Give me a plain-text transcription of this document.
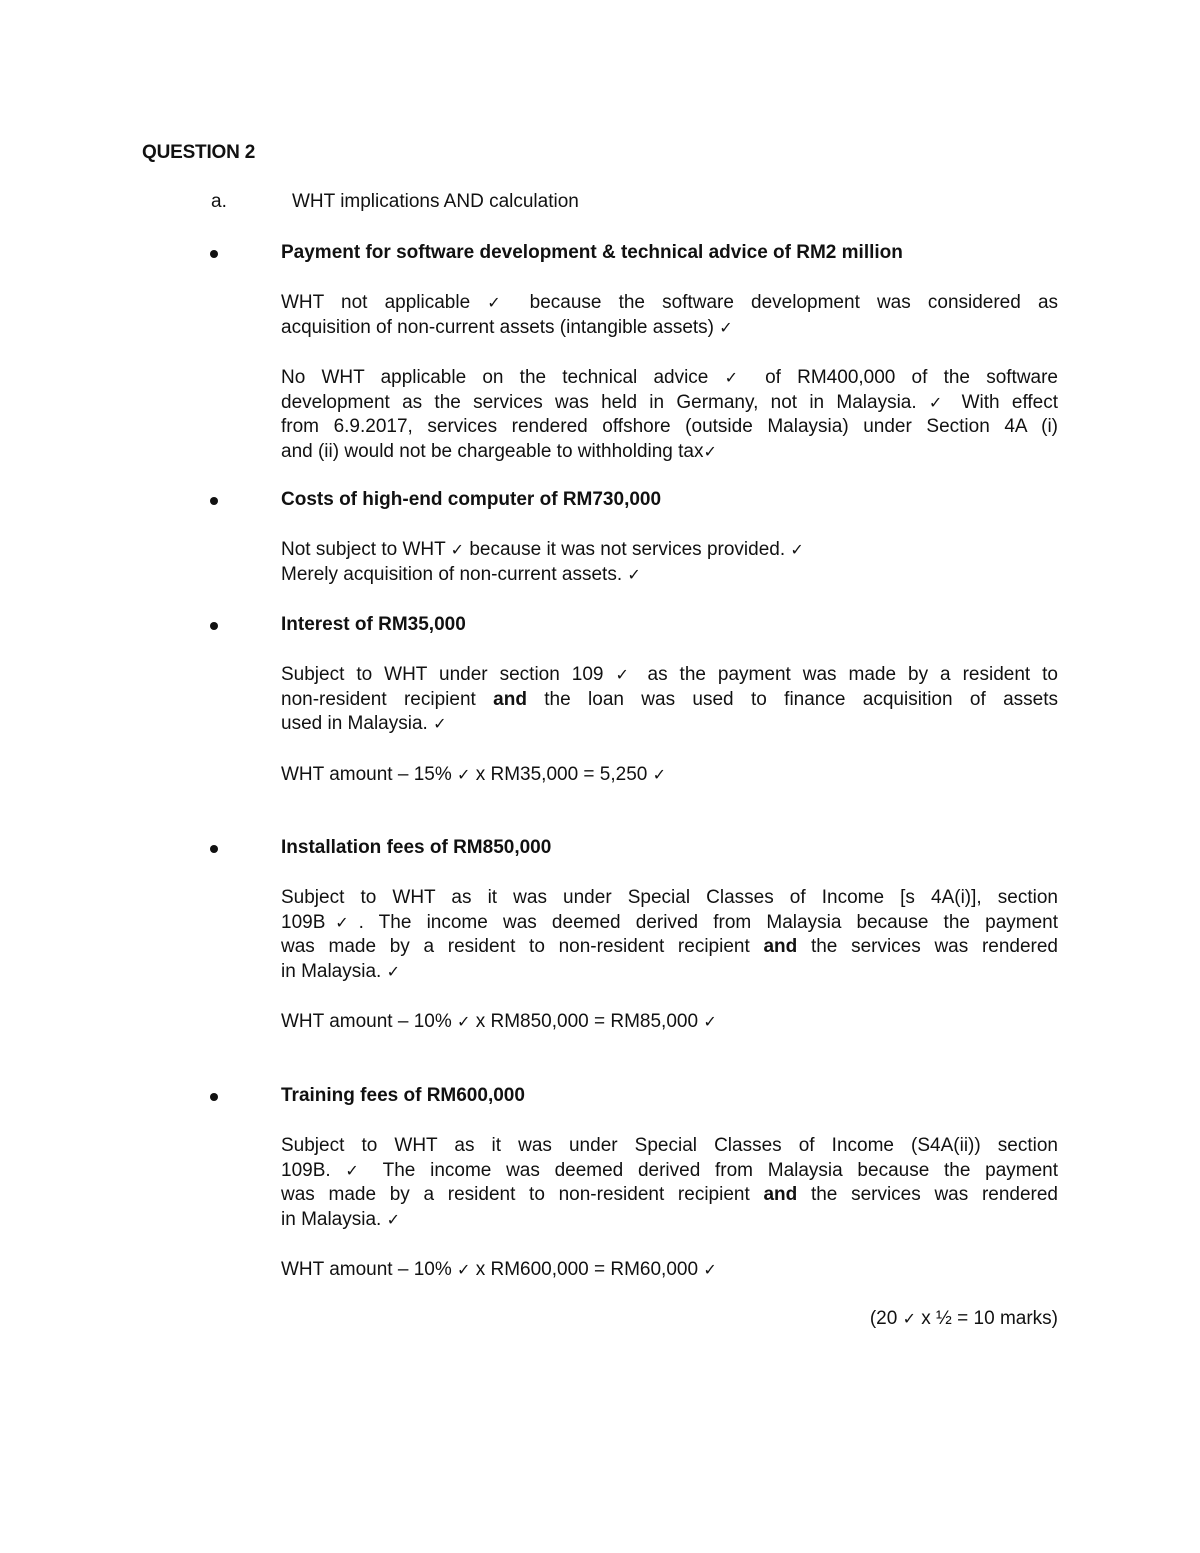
QUESTION 2
a.	WHT implications AND calculation
Payment for software development & technical advice of RM2 million
WHT not applicable ✓ because the software development was considered as
acquisition of non-current assets (intangible assets) ✓
No WHT applicable on the technical advice ✓ of RM400,000 of the software
development as the services was held in Germany, not in Malaysia. ✓ With effect
from 6.9.2017, services rendered offshore (outside Malaysia) under Section 4A (i)
and (ii) would not be chargeable to withholding tax✓
Costs of high-end computer of RM730,000
Not subject to WHT ✓ because it was not services provided. ✓
Merely acquisition of non-current assets. ✓
Interest of RM35,000
Subject to WHT under section 109 ✓ as the payment was made by a resident to
non-resident recipient and the loan was used to finance acquisition of assets
used in Malaysia. ✓
WHT amount – 15% ✓ x RM35,000 = 5,250 ✓
Installation fees of RM850,000
Subject to WHT as it was under Special Classes of Income [s 4A(i)], section
109B✓. The income was deemed derived from Malaysia because the payment
was made by a resident to non-resident recipient and the services was rendered
in Malaysia. ✓
WHT amount – 10% ✓ x RM850,000 = RM85,000 ✓
Training fees of RM600,000
Subject to WHT as it was under Special Classes of Income (S4A(ii)) section
109B. ✓ The income was deemed derived from Malaysia because the payment
was made by a resident to non-resident recipient and the services was rendered
in Malaysia. ✓
WHT amount – 10% ✓ x RM600,000 = RM60,000 ✓
(20 ✓ x ½ = 10 marks)
